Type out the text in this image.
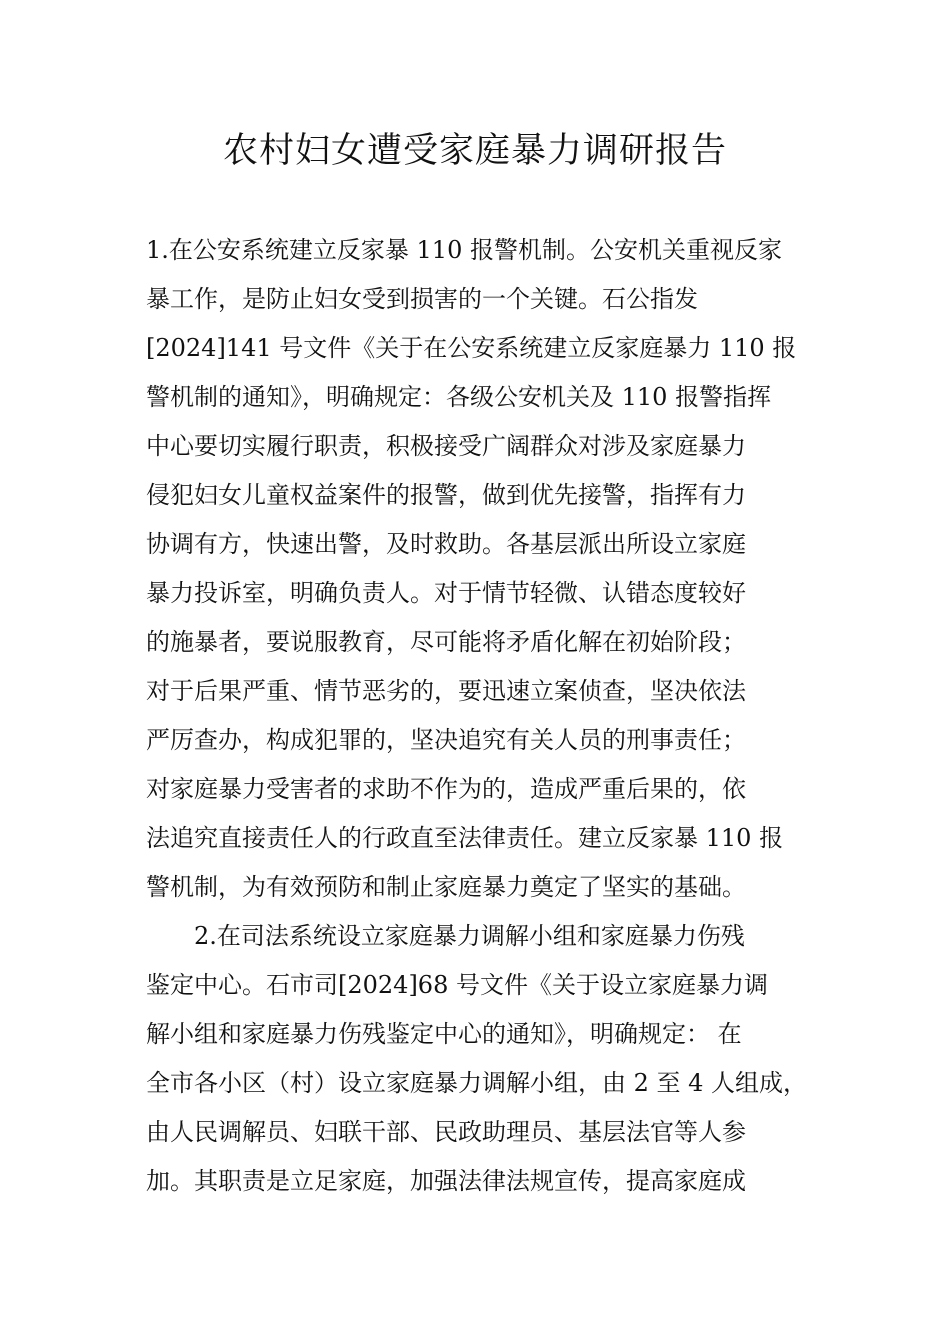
农村妇女遭受家庭暴力调研报告
1.在公安系统建立反家暴 110 报警机制。公安机关重视反家
暴工作，是防止妇女受到损害的一个关键。石公指发
[2024]141 号文件《关于在公安系统建立反家庭暴力 110 报
警机制的通知》，明确规定：各级公安机关及 110 报警指挥
中心要切实履行职责，积极接受广阔群众对涉及家庭暴力
侵犯妇女儿童权益案件的报警，做到优先接警，指挥有力
协调有方，快速出警，及时救助。各基层派出所设立家庭
暴力投诉室，明确负责人。对于情节轻微、认错态度较好
的施暴者，要说服教育，尽可能将矛盾化解在初始阶段；
对于后果严重、情节恶劣的，要迅速立案侦查，坚决依法
严厉查办，构成犯罪的，坚决追究有关人员的刑事责任；
对家庭暴力受害者的求助不作为的，造成严重后果的，依
法追究直接责任人的行政直至法律责任。建立反家暴 110 报
警机制，为有效预防和制止家庭暴力奠定了坚实的基础。
2.在司法系统设立家庭暴力调解小组和家庭暴力伤残
鉴定中心。石市司[2024]68 号文件《关于设立家庭暴力调
解小组和家庭暴力伤残鉴定中心的通知》，明确规定： 在
全市各小区（村）设立家庭暴力调解小组，由 2 至 4 人组成，
由人民调解员、妇联干部、民政助理员、基层法官等人参
加。其职责是立足家庭，加强法律法规宣传，提高家庭成
